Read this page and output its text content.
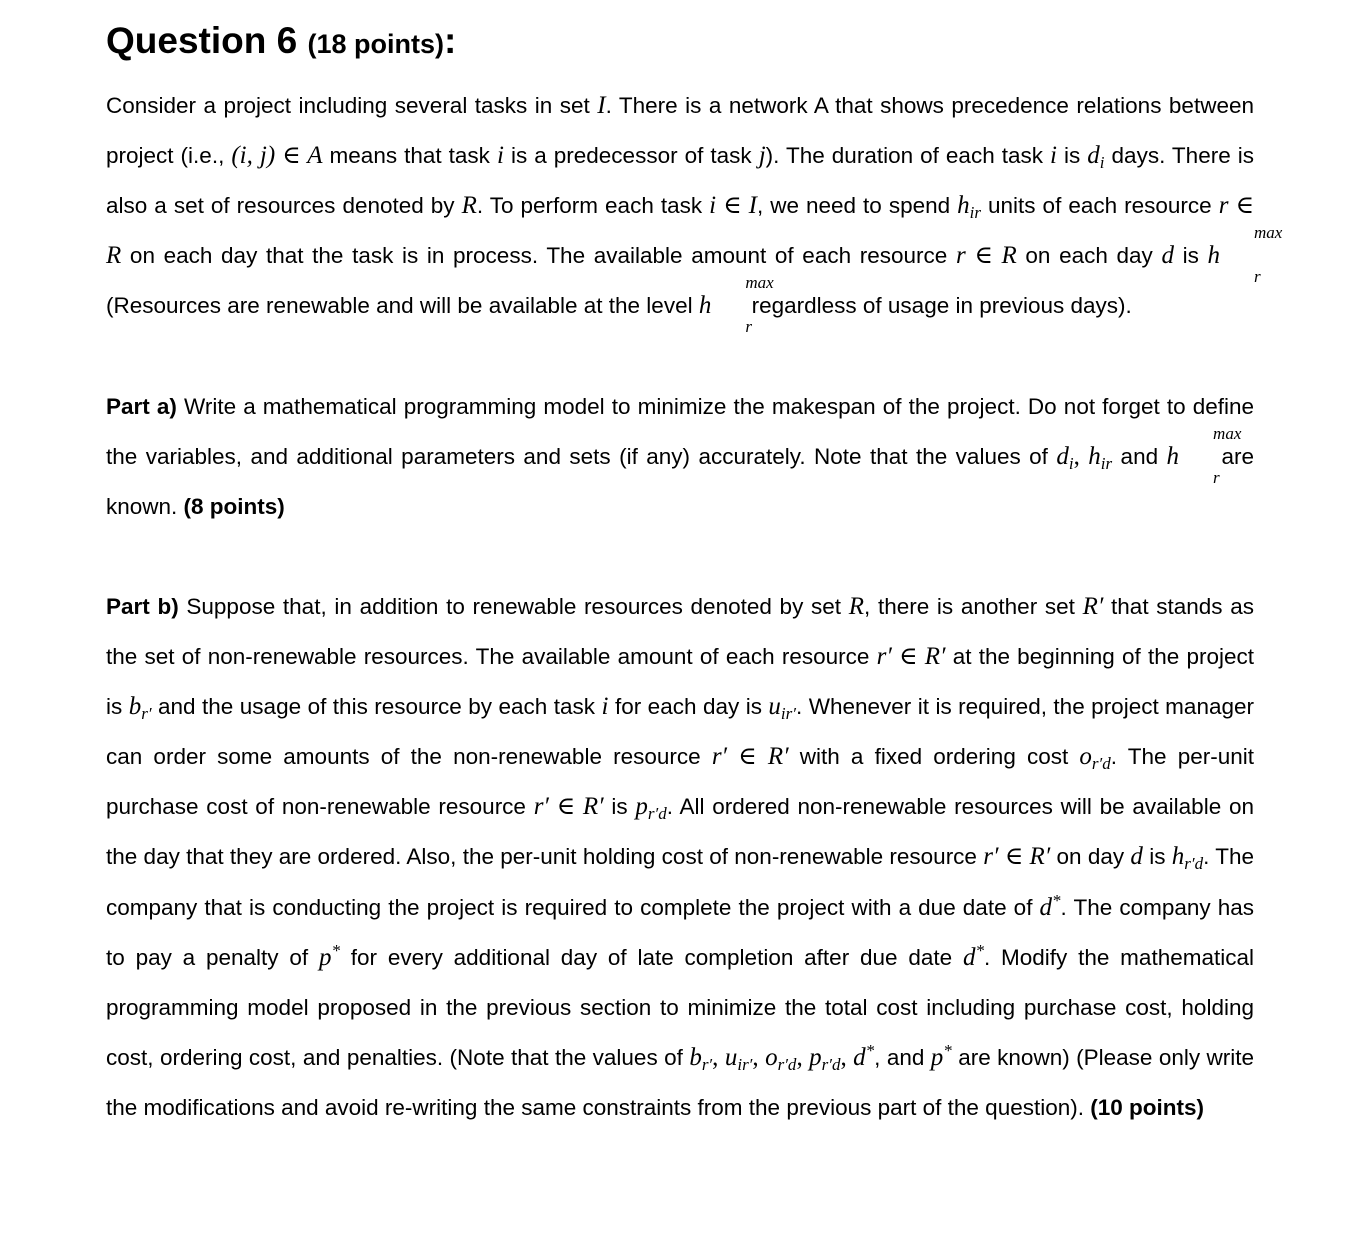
Question 6 (18 points):

Consider a project including several tasks in set I. There is a network A that shows precedence relations between project (i.e., (i, j) ∈ A means that task i is a predecessor of task j). The duration of each task i is $d_i$ days. There is also a set of resources denoted by R. To perform each task i ∈ I, we need to spend $h_{ir}$ units of each resource r ∈ R on each day that the task is in process. The available amount of each resource r ∈ R on each day d is h
max
r
(Resources are renewable and will be available at the level h
max
r
regardless of usage in previous days).

Part a) Write a mathematical programming model to minimize the makespan of the project. Do not forget to define the variables, and additional parameters and sets (if any) accurately. Note that the values of $d_i$, $h_{ir}$ and h
max
r
are known. (8 points)

Part b) Suppose that, in addition to renewable resources denoted by set R, there is another set R′ that stands as the set of non-renewable resources. The available amount of each resource r′ ∈ R′ at the beginning of the project is $b_{r'}$ and the usage of this resource by each task i for each day is $u_{ir'}$. Whenever it is required, the project manager can order some amounts of the non-renewable resource r′ ∈ R′ with a fixed ordering cost $o_{r'd}$. The per-unit purchase cost of non-renewable resource r′ ∈ R′ is $p_{r'd}$. All ordered non-renewable resources will be available on the day that they are ordered. Also, the per-unit holding cost of non-renewable resource r′ ∈ R′ on day d is $h_{r'd}$. The company that is conducting the project is required to complete the project with a due date of d*. The company has to pay a penalty of p* for every additional day of late completion after due date d*. Modify the mathematical programming model proposed in the previous section to minimize the total cost including purchase cost, holding cost, ordering cost, and penalties. (Note that the values of $b_{r'}$, $u_{ir'}$, $o_{r'd}$, $p_{r'd}$, d*, and p* are known) (Please only write the modifications and avoid re-writing the same constraints from the previous part of the question). (10 points)
